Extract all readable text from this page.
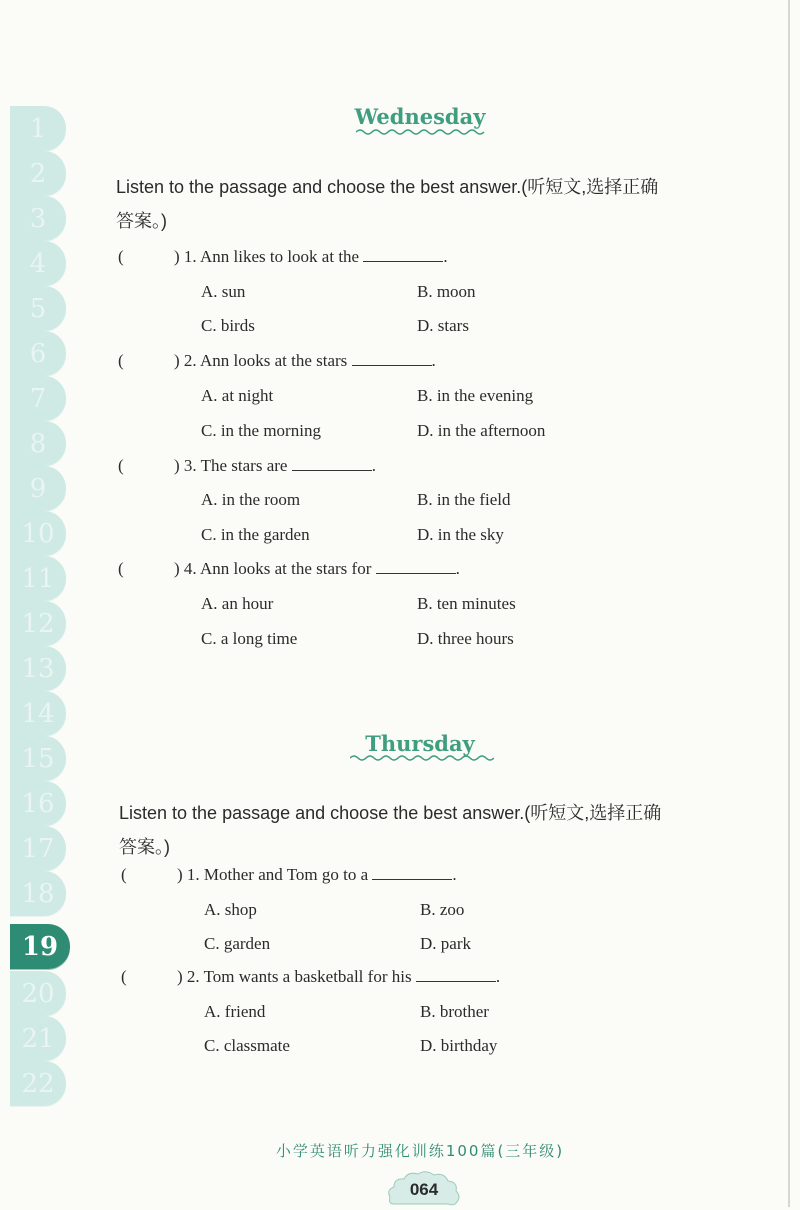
1
2
3
4
5
6
7
8
9
10
11
12
13
14
15
16
17
18
19
20
21
22
Wednesday
Listen to the passage and choose the best answer.(听短文,选择正确
答案。)
(	) 1. Ann likes to look at the	.
A. sun	B. moon
C. birds	D. stars
(	) 2. Ann looks at the stars	.
A. at night	B. in the evening
C. in the morning	D. in the afternoon
(	) 3. The stars are	.
A. in the room	B. in the field
C. in the garden	D. in the sky
(	) 4. Ann looks at the stars for	.
A. an hour	B. ten minutes
C. a long time	D. three hours
Thursday
Listen to the passage and choose the best answer.(听短文,选择正确
答案。)
(	) 1. Mother and Tom go to a	.
A. shop	B. zoo
C. garden	D. park
(	) 2. Tom wants a basketball for his	.
A. friend	B. brother
C. classmate	D. birthday
小学英语听力强化训练100篇(三年级)
064
